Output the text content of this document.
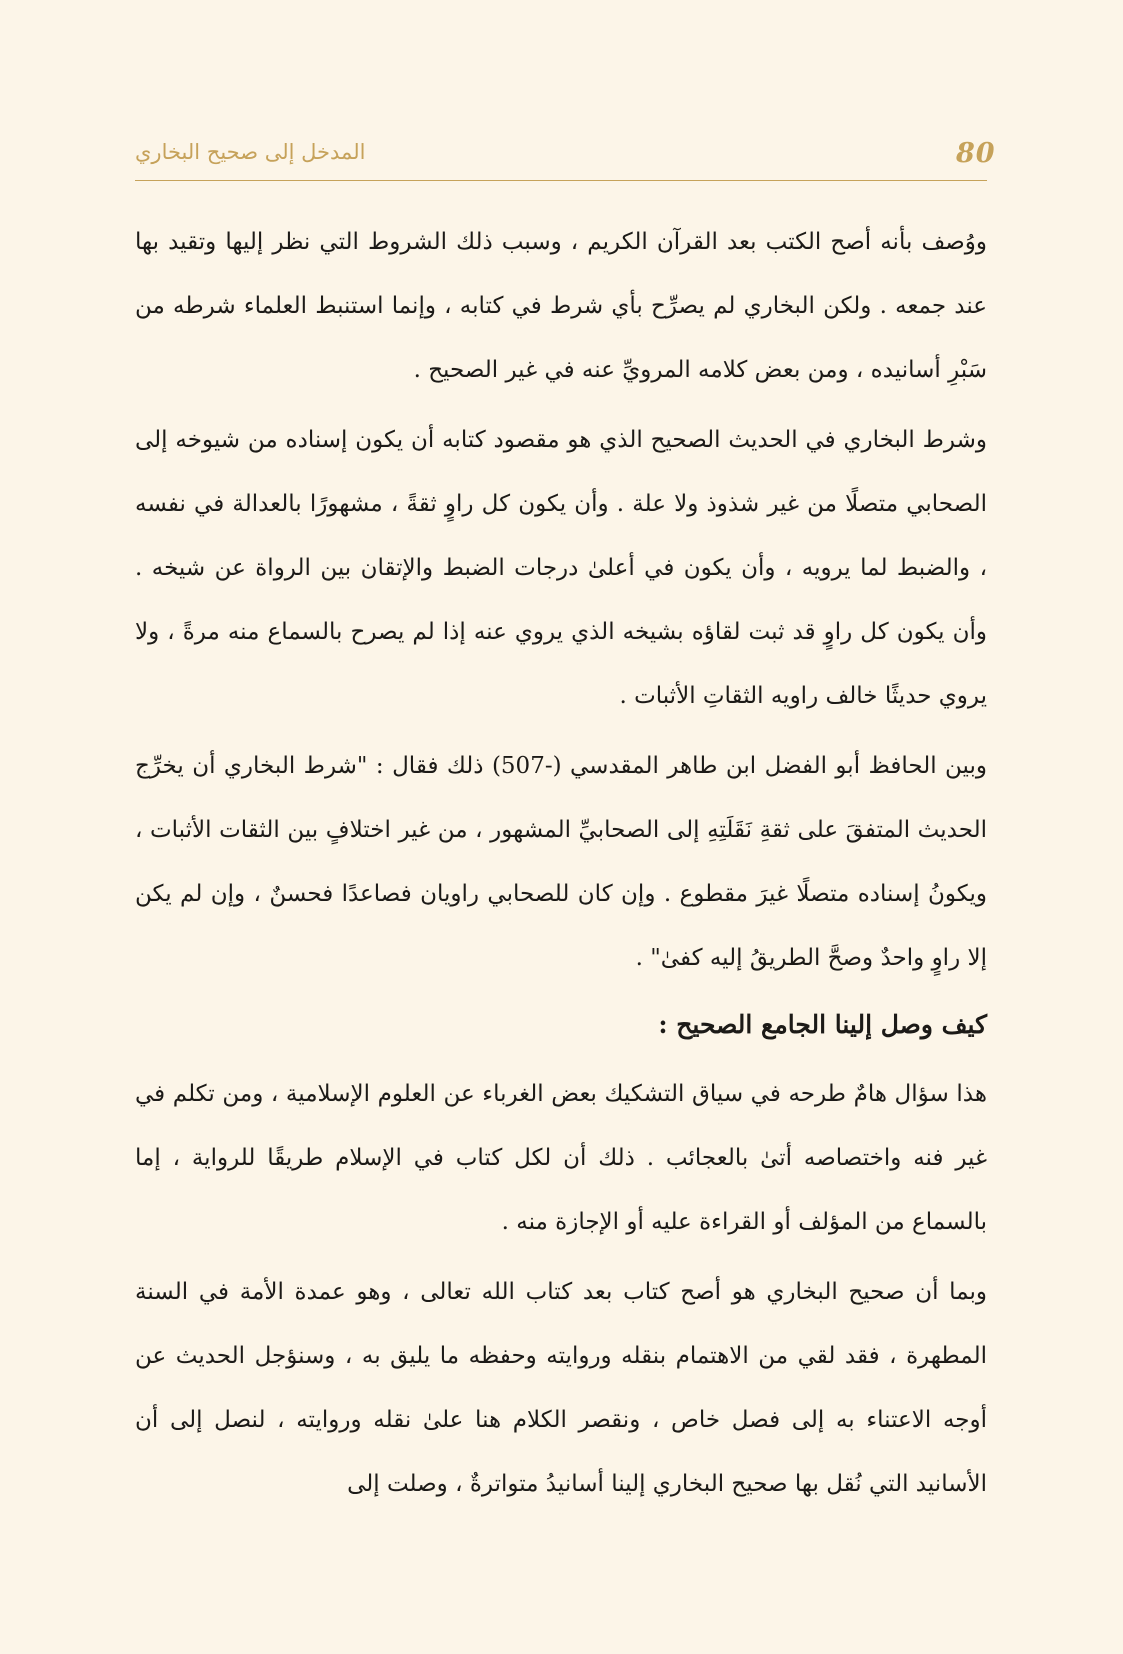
80
المدخل إلى صحيح البخاري

ووُصف بأنه أصح الكتب بعد القرآن الكريم ، وسبب ذلك الشروط التي نظر إليها وتقيد بها عند جمعه . ولكن البخاري لم يصرِّح بأي شرط في كتابه ، وإنما استنبط العلماء شرطه من سَبْرِ أسانيده ، ومن بعض كلامه المرويِّ عنه في غير الصحيح .

وشرط البخاري في الحديث الصحيح الذي هو مقصود كتابه أن يكون إسناده من شيوخه إلى الصحابي متصلًا من غير شذوذ ولا علة . وأن يكون كل راوٍ ثقةً ، مشهورًا بالعدالة في نفسه ، والضبط لما يرويه ، وأن يكون في أعلىٰ درجات الضبط والإتقان بين الرواة عن شيخه . وأن يكون كل راوٍ قد ثبت لقاؤه بشيخه الذي يروي عنه إذا لم يصرح بالسماع منه مرةً ، ولا يروي حديثًا خالف راويه الثقاتِ الأثبات .

وبين الحافظ أبو الفضل ابن طاهر المقدسي (-507) ذلك فقال : "شرط البخاري أن يخرِّج الحديث المتفقَ على ثقةِ نَقَلَتِهِ إلى الصحابيِّ المشهور ، من غير اختلافٍ بين الثقات الأثبات ، ويكونُ إسناده متصلًا غيرَ مقطوع . وإن كان للصحابي راويان فصاعدًا فحسنٌ ، وإن لم يكن إلا راوٍ واحدٌ وصحَّ الطريقُ إليه كفىٰ" .

كيف وصل إلينا الجامع الصحيح :

هذا سؤال هامٌ طرحه في سياق التشكيك بعض الغرباء عن العلوم الإسلامية ، ومن تكلم في غير فنه واختصاصه أتىٰ بالعجائب . ذلك أن لكل كتاب في الإسلام طريقًا للرواية ، إما بالسماع من المؤلف أو القراءة عليه أو الإجازة منه .

وبما أن صحيح البخاري هو أصح كتاب بعد كتاب الله تعالى ، وهو عمدة الأمة في السنة المطهرة ، فقد لقي من الاهتمام بنقله وروايته وحفظه ما يليق به ، وسنؤجل الحديث عن أوجه الاعتناء به إلى فصل خاص ، ونقصر الكلام هنا علىٰ نقله وروايته ، لنصل إلى أن الأسانيد التي نُقل بها صحيح البخاري إلينا أسانيدُ متواترةٌ ، وصلت إلى
